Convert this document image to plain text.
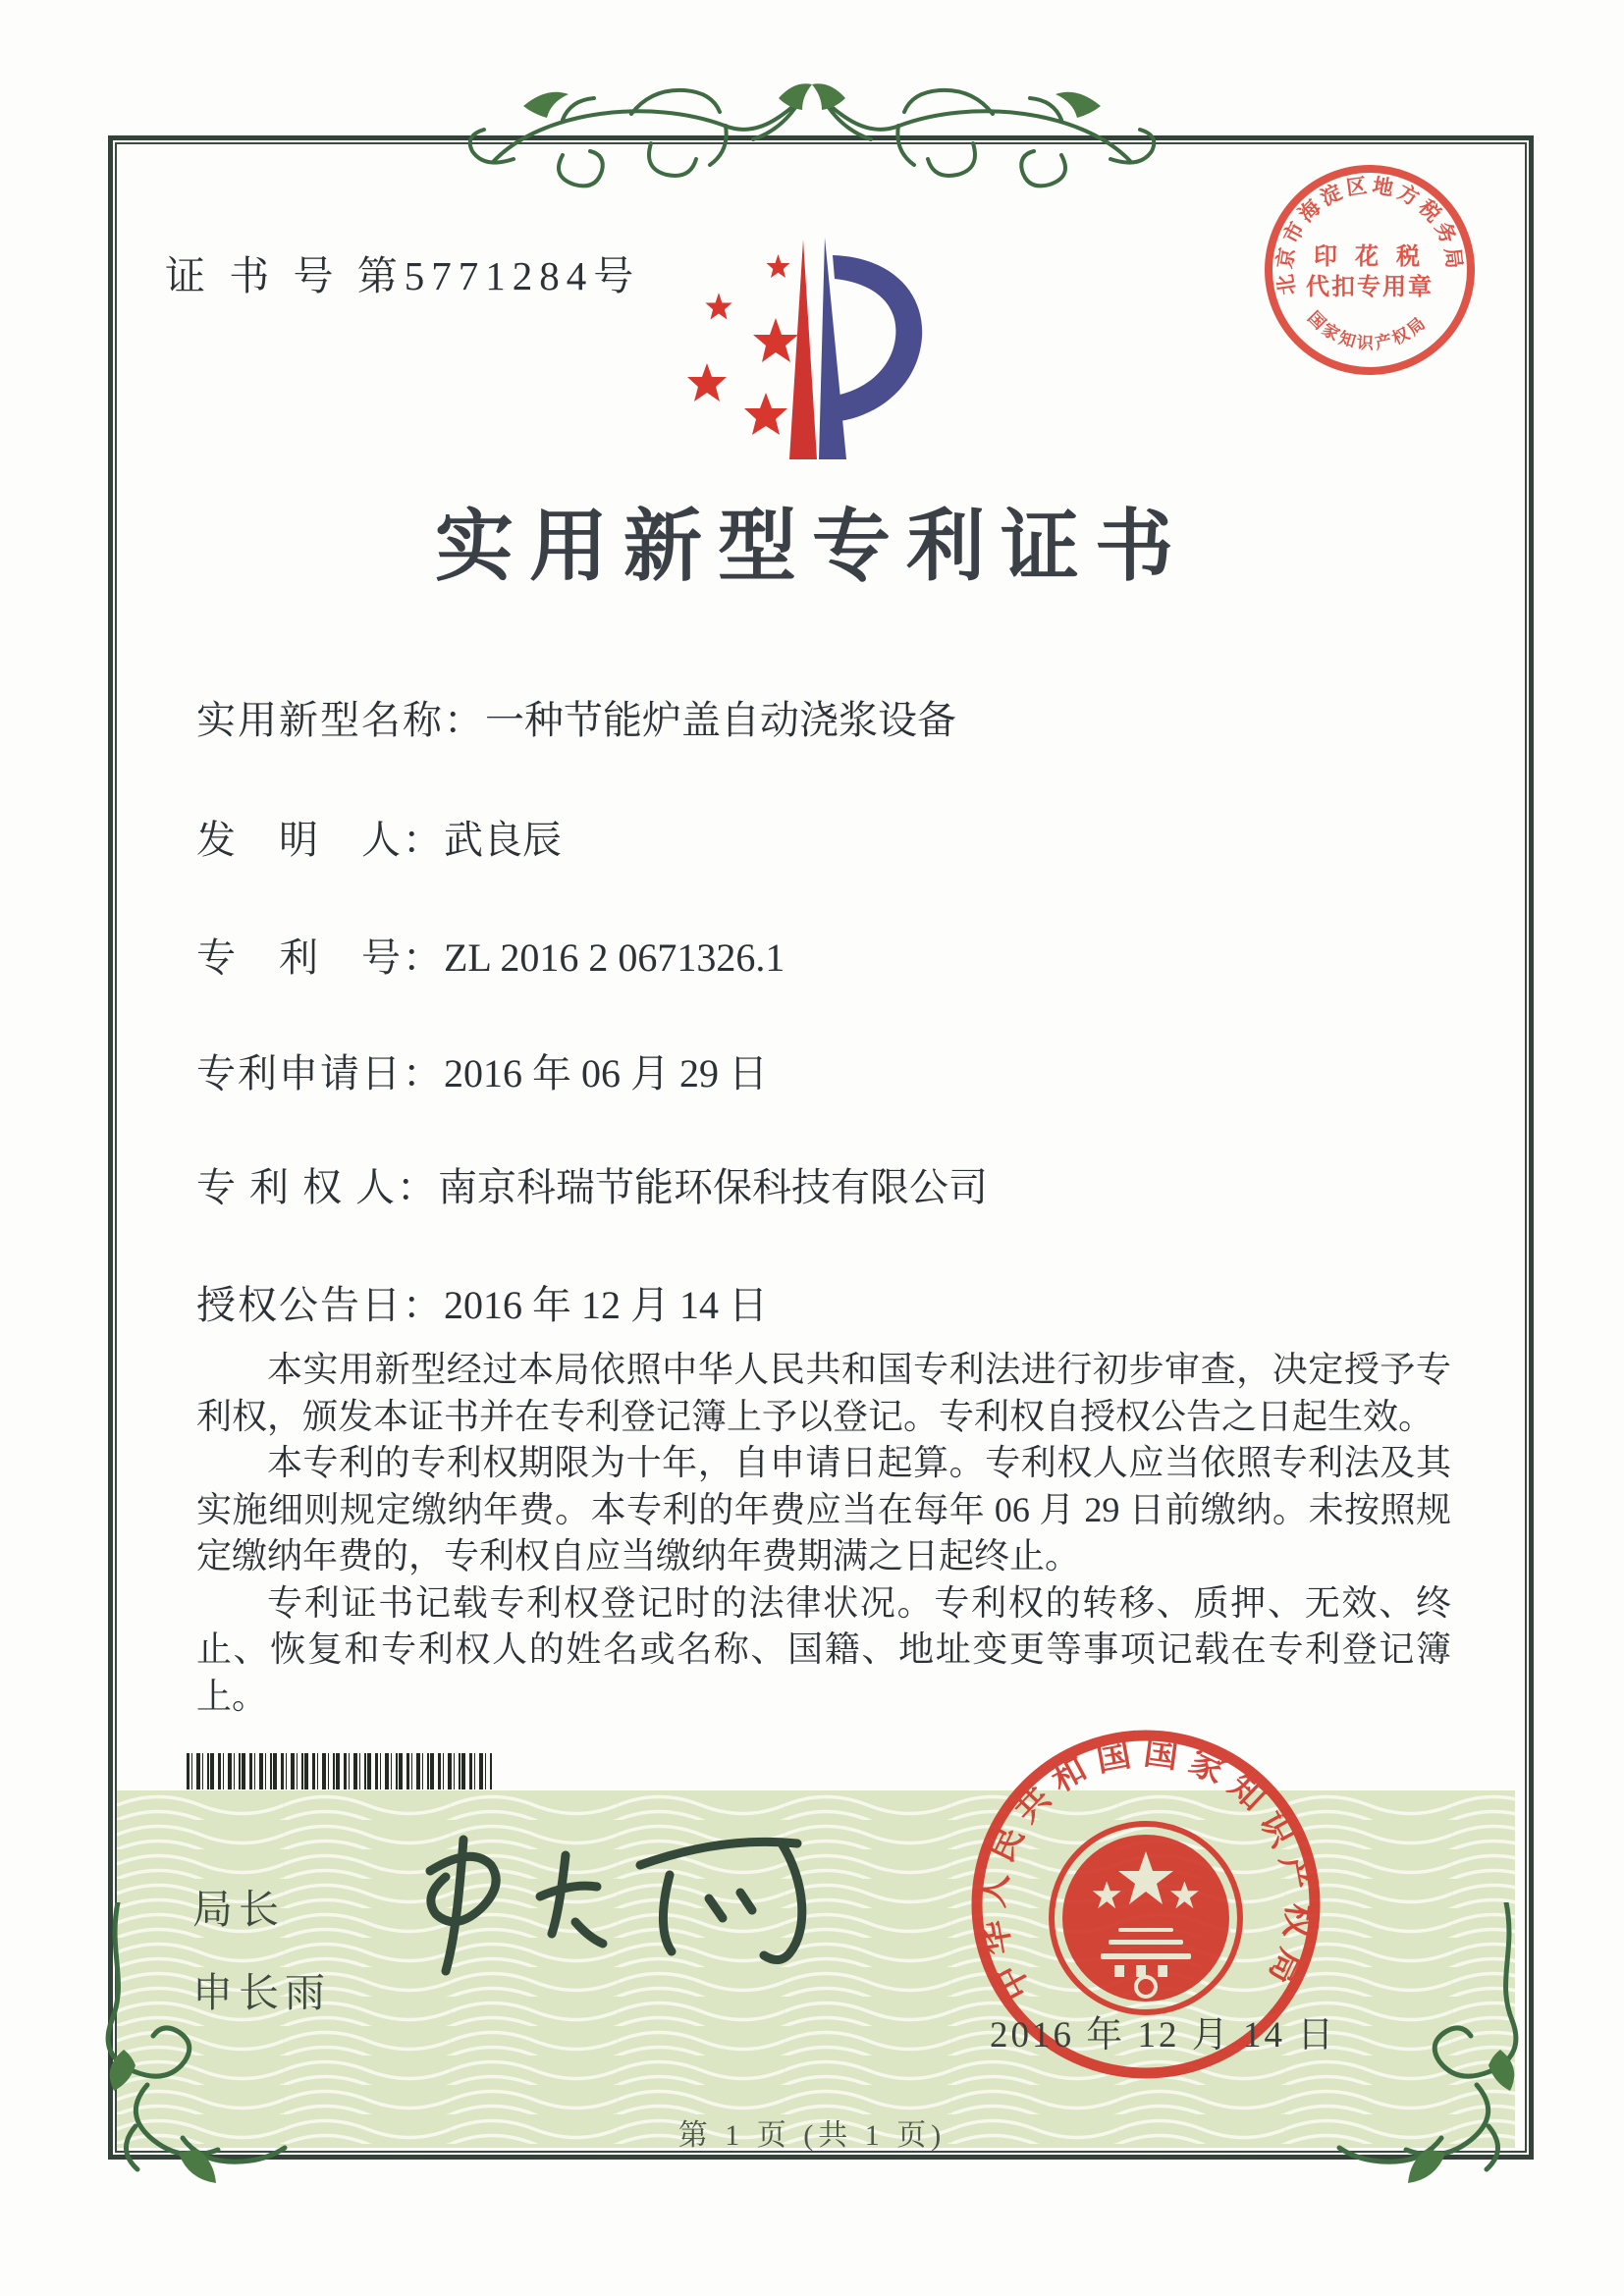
证 书 号 第5771284号	北京市海淀区地方税务局
国家知识产权局
印 花 税
代扣专用章
实用新型专利证书
实用新型名称：一种节能炉盖自动浇浆设备
发　明　人：武良辰
专　利　号：ZL 2016 2 0671326.1
专利申请日：2016 年 06 月 29 日
专 利 权 人：南京科瑞节能环保科技有限公司
授权公告日：2016 年 12 月 14 日

本实用新型经过本局依照中华人民共和国专利法进行初步审查，决定授予专利权，颁发本证书并在专利登记簿上予以登记。专利权自授权公告之日起生效。

本专利的专利权期限为十年，自申请日起算。专利权人应当依照专利法及其实施细则规定缴纳年费。本专利的年费应当在每年 06 月 29 日前缴纳。未按照规定缴纳年费的，专利权自应当缴纳年费期满之日起终止。

专利证书记载专利权登记时的法律状况。专利权的转移、质押、无效、终止、恢复和专利权人的姓名或名称、国籍、地址变更等事项记载在专利登记簿上。

局长
申长雨	中华人民共和国国家知识产权局
2016 年 12 月 14 日
第 1 页 (共 1 页)
